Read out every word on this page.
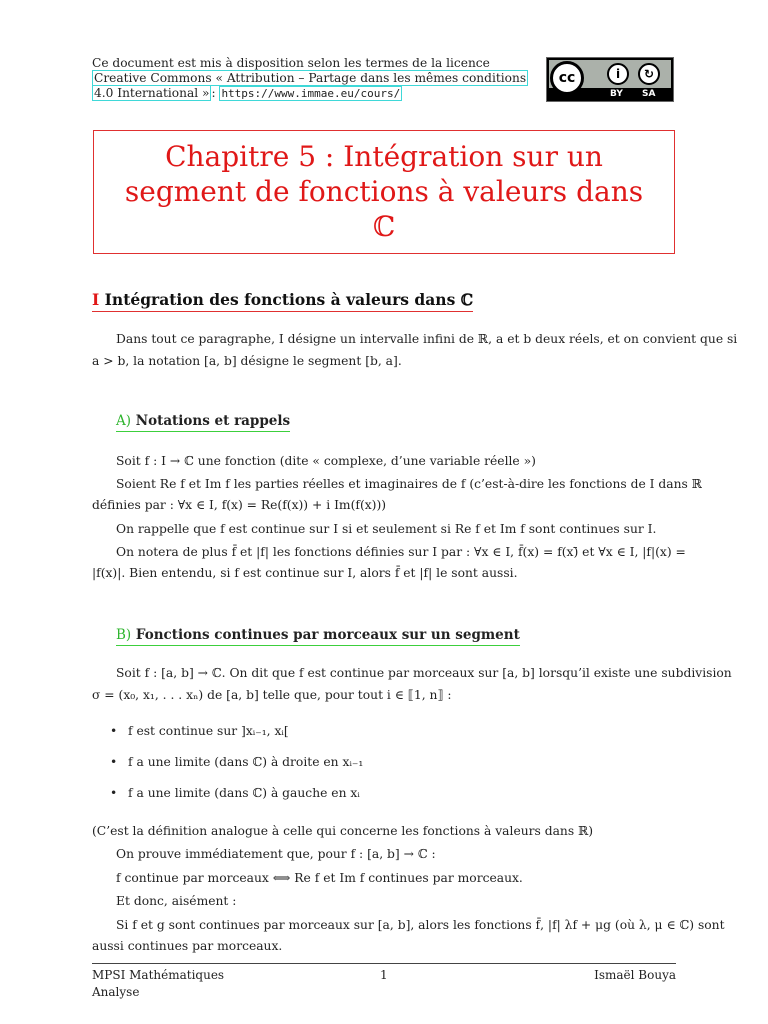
Ce document est mis à disposition selon les termes de la licence
Creative Commons « Attribution – Partage dans les mêmes conditions
4.0 International » : https://www.immae.eu/cours/
cc	i	↻
BY SA
Chapitre 5 : Intégration sur un
segment de fonctions à valeurs dans
ℂ
I Intégration des fonctions à valeurs dans ℂ
Dans tout ce paragraphe, I désigne un intervalle infini de ℝ, a et b deux réels, et on convient que si
a > b, la notation [a, b] désigne le segment [b, a].
A) Notations et rappels
Soit f : I → ℂ une fonction (dite « complexe, d’une variable réelle »)
Soient Re f et Im f les parties réelles et imaginaires de f (c’est-à-dire les fonctions de I dans ℝ
définies par : ∀x ∈ I, f(x) = Re(f(x)) + i Im(f(x)))
On rappelle que f est continue sur I si et seulement si Re f et Im f sont continues sur I.
On notera de plus f̄ et |f| les fonctions définies sur I par : ∀x ∈ I, f̄(x) = f(x)̄ et ∀x ∈ I, |f|(x) =
|f(x)|. Bien entendu, si f est continue sur I, alors f̄ et |f| le sont aussi.
B) Fonctions continues par morceaux sur un segment
Soit f : [a, b] → ℂ. On dit que f est continue par morceaux sur [a, b] lorsqu’il existe une subdivision
σ = (x₀, x₁, . . . xₙ) de [a, b] telle que, pour tout i ∈ ⟦1, n⟧ :
• f est continue sur ]xᵢ₋₁, xᵢ[
• f a une limite (dans ℂ) à droite en xᵢ₋₁
• f a une limite (dans ℂ) à gauche en xᵢ
(C’est la définition analogue à celle qui concerne les fonctions à valeurs dans ℝ)
On prouve immédiatement que, pour f : [a, b] → ℂ :
f continue par morceaux ⟺ Re f et Im f continues par morceaux.
Et donc, aisément :
Si f et g sont continues par morceaux sur [a, b], alors les fonctions f̄, |f| λf + μg (où λ, μ ∈ ℂ) sont
aussi continues par morceaux.
MPSI Mathématiques
Analyse
1	Ismaël Bouya
